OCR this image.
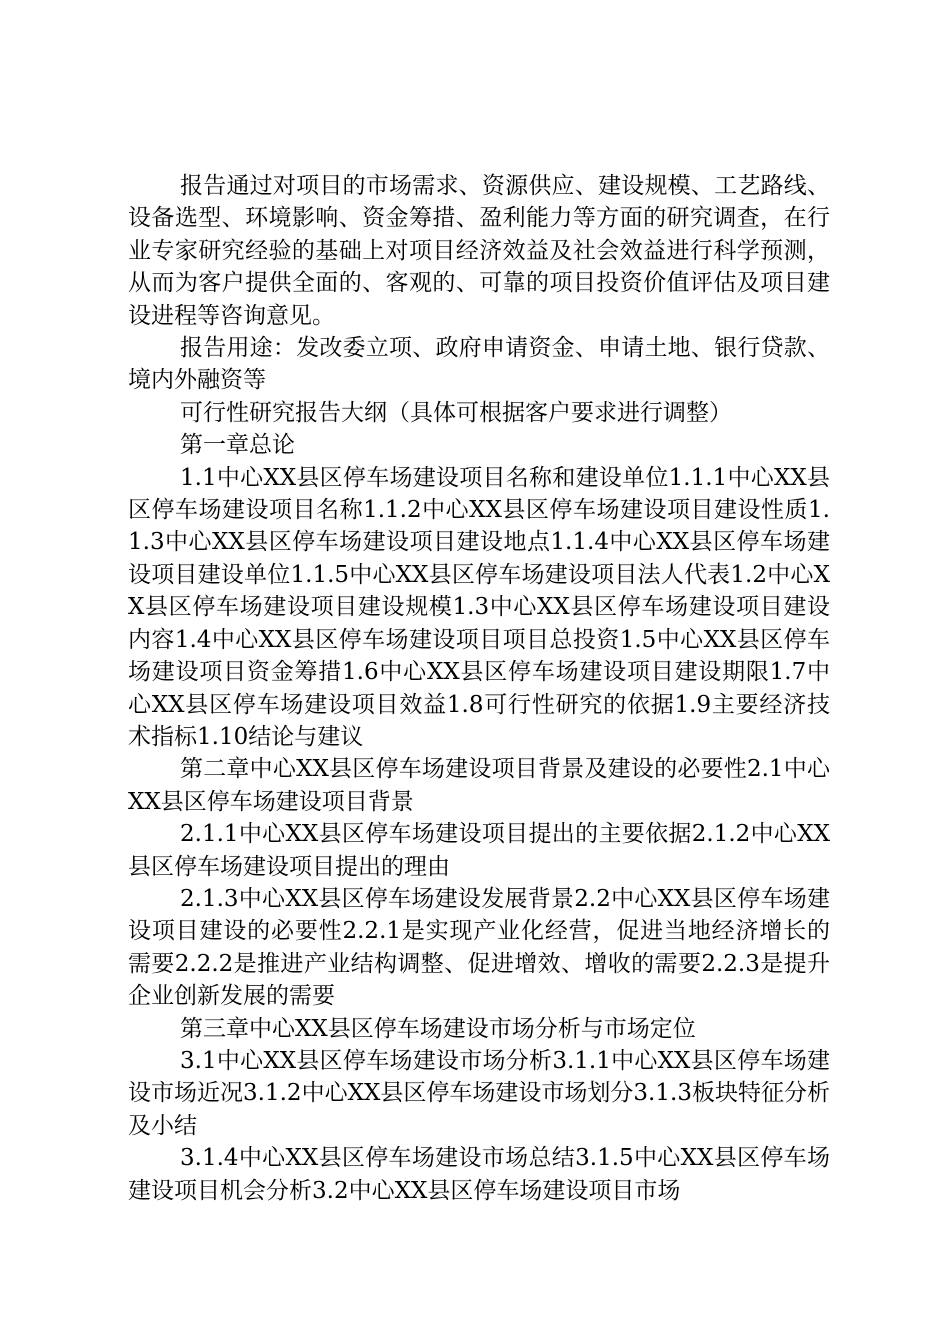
报告通过对项目的市场需求、资源供应、建设规模、工艺路线、设备选型、环境影响、资金筹措、盈利能力等方面的研究调查，在行业专家研究经验的基础上对项目经济效益及社会效益进行科学预测，从而为客户提供全面的、客观的、可靠的项目投资价值评估及项目建设进程等咨询意见。

报告用途：发改委立项、政府申请资金、申请土地、银行贷款、境内外融资等

可行性研究报告大纲（具体可根据客户要求进行调整）

第一章总论

1.1中心XX县区停车场建设项目名称和建设单位1.1.1中心XX县区停车场建设项目名称1.1.2中心XX县区停车场建设项目建设性质1.1.3中心XX县区停车场建设项目建设地点1.1.4中心XX县区停车场建设项目建设单位1.1.5中心XX县区停车场建设项目法人代表1.2中心XX县区停车场建设项目建设规模1.3中心XX县区停车场建设项目建设内容1.4中心XX县区停车场建设项目项目总投资1.5中心XX县区停车场建设项目资金筹措1.6中心XX县区停车场建设项目建设期限1.7中心XX县区停车场建设项目效益1.8可行性研究的依据1.9主要经济技术指标1.10结论与建议

第二章中心XX县区停车场建设项目背景及建设的必要性2.1中心XX县区停车场建设项目背景

2.1.1中心XX县区停车场建设项目提出的主要依据2.1.2中心XX县区停车场建设项目提出的理由

2.1.3中心XX县区停车场建设发展背景2.2中心XX县区停车场建设项目建设的必要性2.2.1是实现产业化经营，促进当地经济增长的需要2.2.2是推进产业结构调整、促进增效、增收的需要2.2.3是提升企业创新发展的需要

第三章中心XX县区停车场建设市场分析与市场定位

3.1中心XX县区停车场建设市场分析3.1.1中心XX县区停车场建设市场近况3.1.2中心XX县区停车场建设市场划分3.1.3板块特征分析及小结

3.1.4中心XX县区停车场建设市场总结3.1.5中心XX县区停车场建设项目机会分析3.2中心XX县区停车场建设项目市场
